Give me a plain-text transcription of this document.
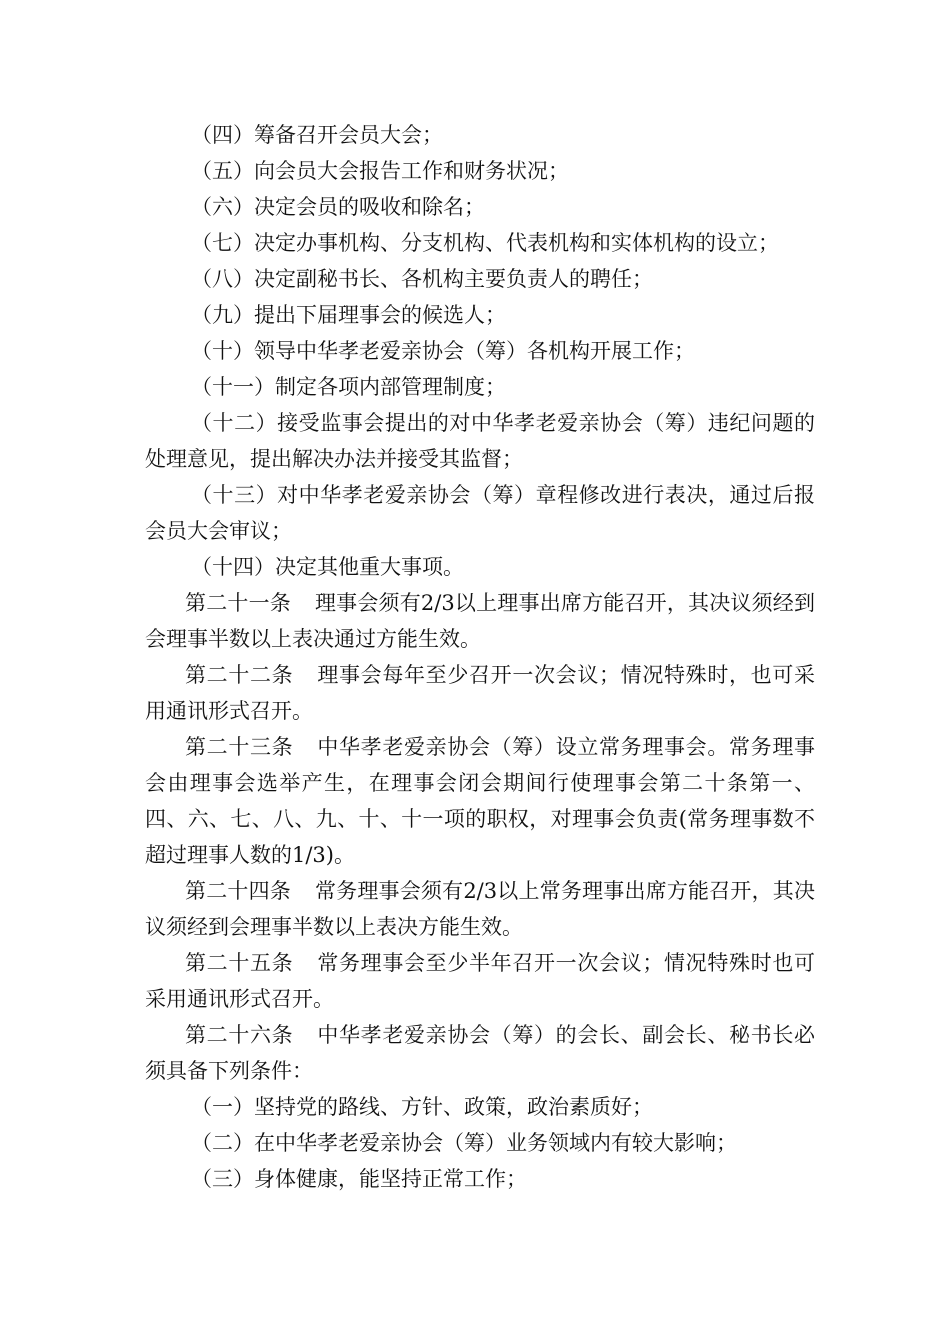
（四）筹备召开会员大会；

（五）向会员大会报告工作和财务状况；

（六）决定会员的吸收和除名；

（七）决定办事机构、分支机构、代表机构和实体机构的设立；

（八）决定副秘书长、各机构主要负责人的聘任；

（九）提出下届理事会的候选人；

（十）领导中华孝老爱亲协会（筹）各机构开展工作；

（十一）制定各项内部管理制度；

（十二）接受监事会提出的对中华孝老爱亲协会（筹）违纪问题的处理意见，提出解决办法并接受其监督；

（十三）对中华孝老爱亲协会（筹）章程修改进行表决，通过后报会员大会审议；

（十四）决定其他重大事项。

第二十一条 理事会须有2/3以上理事出席方能召开，其决议须经到会理事半数以上表决通过方能生效。

第二十二条 理事会每年至少召开一次会议；情况特殊时，也可采用通讯形式召开。

第二十三条 中华孝老爱亲协会（筹）设立常务理事会。常务理事会由理事会选举产生，在理事会闭会期间行使理事会第二十条第一、四、六、七、八、九、十、十一项的职权，对理事会负责(常务理事数不超过理事人数的1/3)。

第二十四条 常务理事会须有2/3以上常务理事出席方能召开，其决议须经到会理事半数以上表决方能生效。

第二十五条 常务理事会至少半年召开一次会议；情况特殊时也可采用通讯形式召开。

第二十六条 中华孝老爱亲协会（筹）的会长、副会长、秘书长必须具备下列条件：

（一）坚持党的路线、方针、政策，政治素质好；

（二）在中华孝老爱亲协会（筹）业务领域内有较大影响；

（三）身体健康，能坚持正常工作；
